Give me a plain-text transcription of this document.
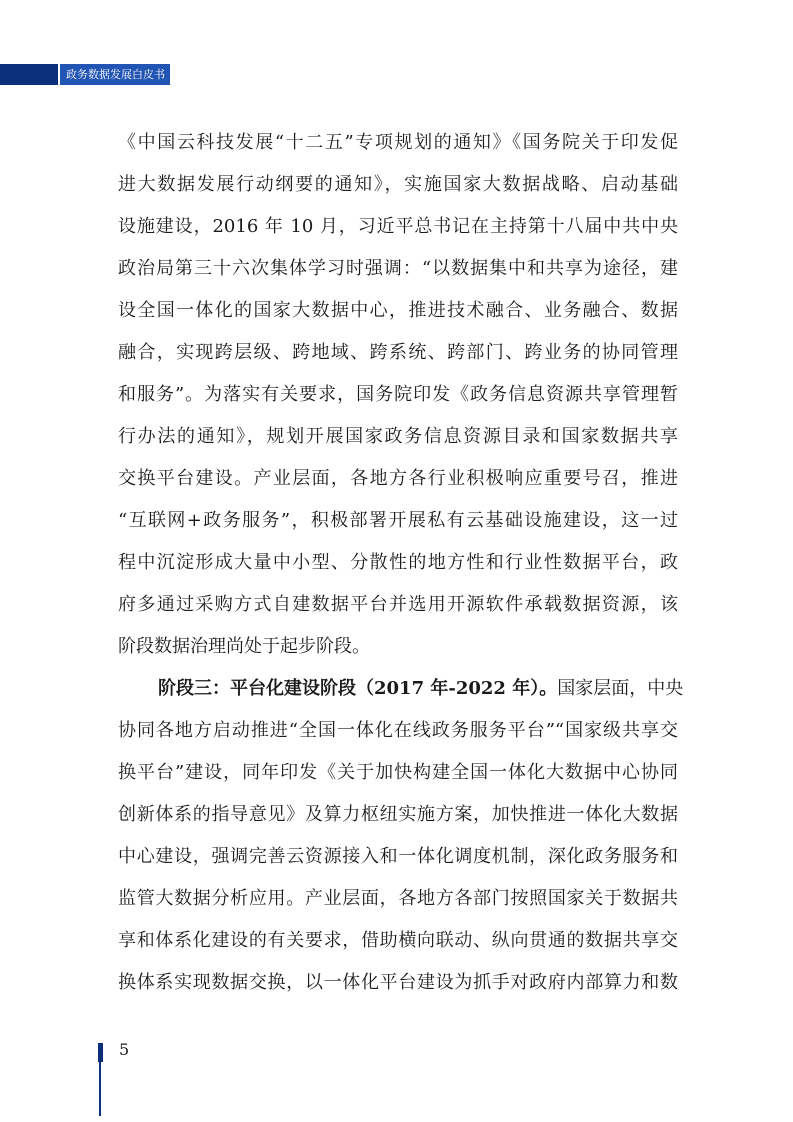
政务数据发展白皮书
《中国云科技发展“十二五”专项规划的通知》《国务院关于印发促
进大数据发展行动纲要的通知》，实施国家大数据战略、启动基础
设施建设，2016 年 10 月，习近平总书记在主持第十八届中共中央
政治局第三十六次集体学习时强调：“以数据集中和共享为途径，建
设全国一体化的国家大数据中心，推进技术融合、业务融合、数据
融合，实现跨层级、跨地域、跨系统、跨部门、跨业务的协同管理
和服务”。为落实有关要求，国务院印发《政务信息资源共享管理暂
行办法的通知》，规划开展国家政务信息资源目录和国家数据共享
交换平台建设。产业层面，各地方各行业积极响应重要号召，推进
“互联网+政务服务”，积极部署开展私有云基础设施建设，这一过
程中沉淀形成大量中小型、分散性的地方性和行业性数据平台，政
府多通过采购方式自建数据平台并选用开源软件承载数据资源，该
阶段数据治理尚处于起步阶段。
阶段三：平台化建设阶段（2017 年-2022 年）。国家层面，中央
协同各地方启动推进“全国一体化在线政务服务平台”“国家级共享交
换平台”建设，同年印发《关于加快构建全国一体化大数据中心协同
创新体系的指导意见》及算力枢纽实施方案，加快推进一体化大数据
中心建设，强调完善云资源接入和一体化调度机制，深化政务服务和
监管大数据分析应用。产业层面，各地方各部门按照国家关于数据共
享和体系化建设的有关要求，借助横向联动、纵向贯通的数据共享交
换体系实现数据交换，以一体化平台建设为抓手对政府内部算力和数
5
